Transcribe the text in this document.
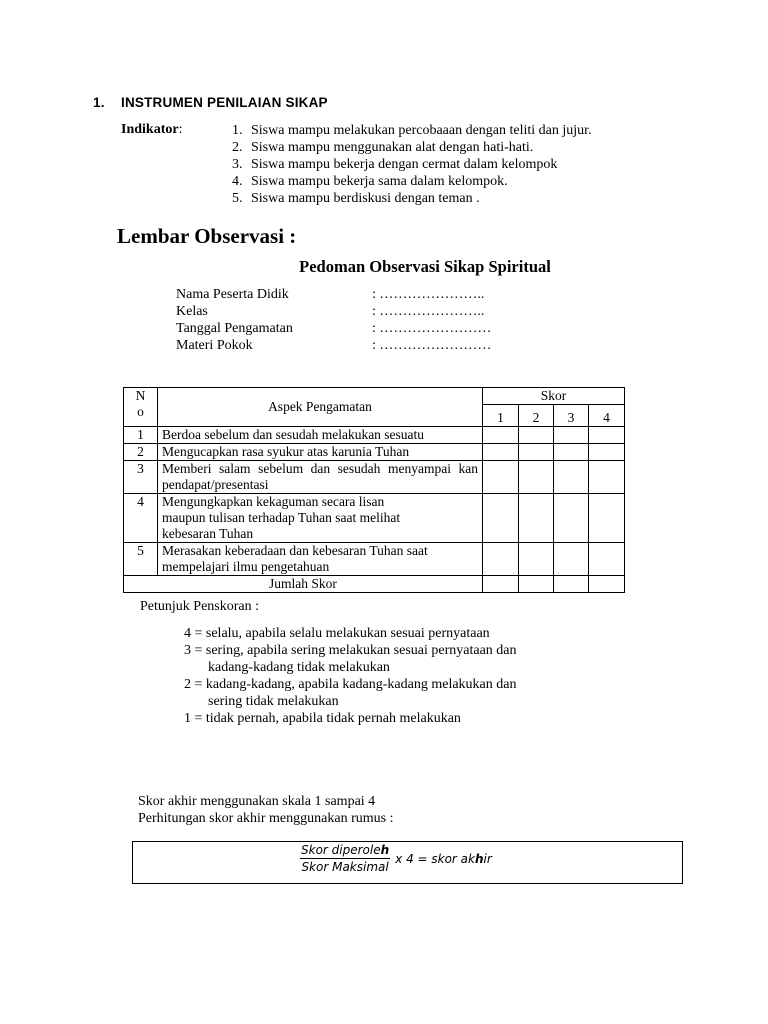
1. INSTRUMEN PENILAIAN SIKAP
Indikator:	1. Siswa mampu melakukan percobaaan dengan teliti dan jujur.
2. Siswa mampu menggunakan alat dengan hati-hati.
3. Siswa mampu bekerja dengan cermat dalam kelompok
4. Siswa mampu bekerja sama dalam kelompok.
5. Siswa mampu berdiskusi dengan teman .
Lembar Observasi :
Pedoman Observasi Sikap Spiritual
Nama Peserta Didik	: …………………..
Kelas	: …………………..
Tanggal Pengamatan	: ……………………
Materi Pokok	: ……………………
N o	Aspek Pengamatan	Skor			
		1	2	3	4
1	Berdoa sebelum dan sesudah melakukan sesuatu				
2	Mengucapkan rasa syukur atas karunia Tuhan				
3	Memberi salam sebelum dan sesudah menyampai kan pendapat/presentasi				
4	Mengungkapkan kekaguman secara lisan maupun tulisan terhadap Tuhan saat melihat kebesaran Tuhan				
5	Merasakan keberadaan dan kebesaran Tuhan saat mempelajari ilmu pengetahuan				
Jumlah Skor					
Petunjuk Penskoran :
4 = selalu, apabila selalu melakukan sesuai pernyataan
3 = sering, apabila sering melakukan sesuai pernyataan dan
kadang-kadang tidak melakukan
2 = kadang-kadang, apabila kadang-kadang melakukan dan
sering tidak melakukan
1 = tidak pernah, apabila tidak pernah melakukan
Skor akhir menggunakan skala 1 sampai 4
Perhitungan skor akhir menggunakan rumus :
$\frac{\text{Skor diperoleh}}{\text{Skor Maksimal}}$ x 4 = skor akhir
